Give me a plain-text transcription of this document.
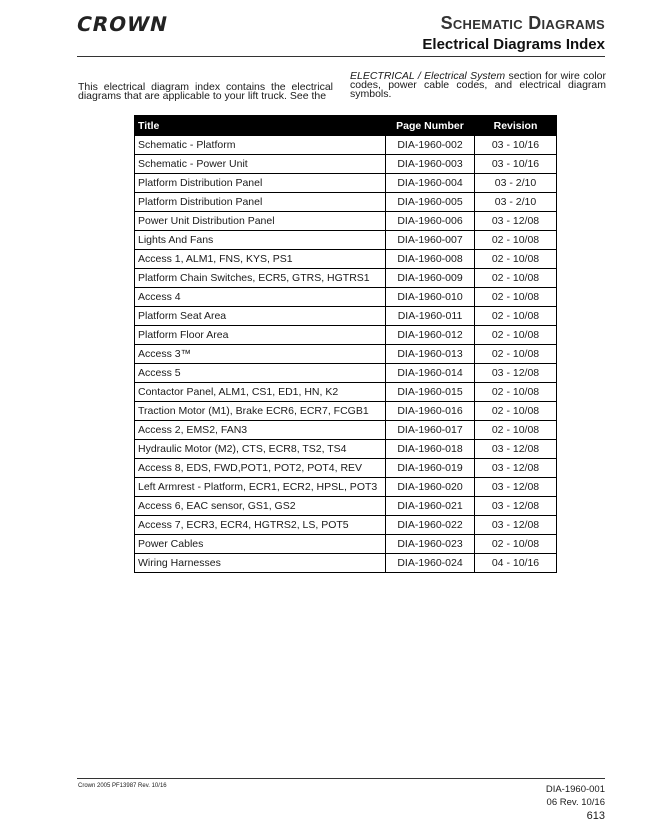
CROWN	Schematic Diagrams
Electrical Diagrams Index
This electrical diagram index contains the electrical diagrams that are applicable to your lift truck. See the
ELECTRICAL / Electrical System section for wire color codes, power cable codes, and electrical diagram symbols.
Title	Page Number	Revision
Schematic - Platform	DIA-1960-002	03 - 10/16
Schematic - Power Unit	DIA-1960-003	03 - 10/16
Platform Distribution Panel	DIA-1960-004	03 - 2/10
Platform Distribution Panel	DIA-1960-005	03 - 2/10
Power Unit Distribution Panel	DIA-1960-006	03 - 12/08
Lights And Fans	DIA-1960-007	02 - 10/08
Access 1, ALM1, FNS, KYS, PS1	DIA-1960-008	02 - 10/08
Platform Chain Switches, ECR5, GTRS, HGTRS1	DIA-1960-009	02 - 10/08
Access 4	DIA-1960-010	02 - 10/08
Platform Seat Area	DIA-1960-011	02 - 10/08
Platform Floor Area	DIA-1960-012	02 - 10/08
Access 3™	DIA-1960-013	02 - 10/08
Access 5	DIA-1960-014	03 - 12/08
Contactor Panel, ALM1, CS1, ED1, HN, K2	DIA-1960-015	02 - 10/08
Traction Motor (M1), Brake ECR6, ECR7, FCGB1	DIA-1960-016	02 - 10/08
Access 2, EMS2, FAN3	DIA-1960-017	02 - 10/08
Hydraulic Motor (M2), CTS, ECR8, TS2, TS4	DIA-1960-018	03 - 12/08
Access 8, EDS, FWD,POT1, POT2, POT4, REV	DIA-1960-019	03 - 12/08
Left Armrest - Platform, ECR1, ECR2, HPSL, POT3	DIA-1960-020	03 - 12/08
Access 6, EAC sensor, GS1, GS2	DIA-1960-021	03 - 12/08
Access 7, ECR3, ECR4, HGTRS2, LS, POT5	DIA-1960-022	03 - 12/08
Power Cables	DIA-1960-023	02 - 10/08
Wiring Harnesses	DIA-1960-024	04 - 10/16
Crown 2005 PF13987 Rev. 10/16	DIA-1960-001
06 Rev. 10/16
613
